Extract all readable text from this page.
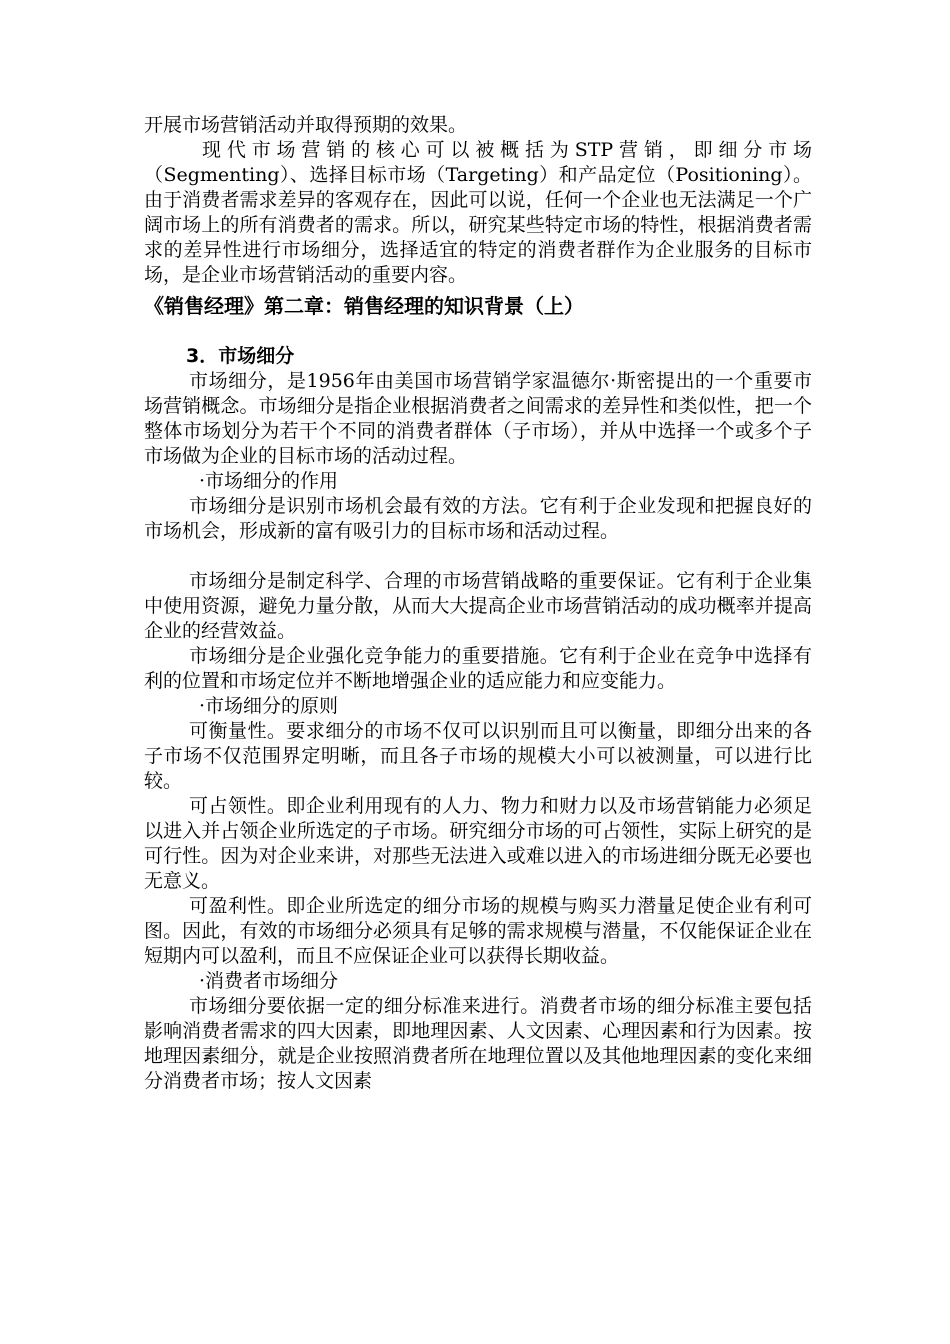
开展市场营销活动并取得预期的效果。

现代市场营销的核心可以被概括为STP营销，即细分市场（Segmenting）、选择目标市场（Targeting）和产品定位（Positioning）。由于消费者需求差异的客观存在，因此可以说，任何一个企业也无法满足一个广阔市场上的所有消费者的需求。所以，研究某些特定市场的特性，根据消费者需求的差异性进行市场细分，选择适宜的特定的消费者群作为企业服务的目标市场，是企业市场营销活动的重要内容。

《销售经理》第二章：销售经理的知识背景（上）

3．市场细分

市场细分，是1956年由美国市场营销学家温德尔·斯密提出的一个重要市场营销概念。市场细分是指企业根据消费者之间需求的差异性和类似性，把一个整体市场划分为若干个不同的消费者群体（子市场），并从中选择一个或多个子市场做为企业的目标市场的活动过程。

·市场细分的作用

市场细分是识别市场机会最有效的方法。它有利于企业发现和把握良好的市场机会，形成新的富有吸引力的目标市场和活动过程。

市场细分是制定科学、合理的市场营销战略的重要保证。它有利于企业集中使用资源，避免力量分散，从而大大提高企业市场营销活动的成功概率并提高企业的经营效益。

市场细分是企业强化竞争能力的重要措施。它有利于企业在竞争中选择有利的位置和市场定位并不断地增强企业的适应能力和应变能力。

·市场细分的原则

可衡量性。要求细分的市场不仅可以识别而且可以衡量，即细分出来的各子市场不仅范围界定明晰，而且各子市场的规模大小可以被测量，可以进行比较。

可占领性。即企业利用现有的人力、物力和财力以及市场营销能力必须足以进入并占领企业所选定的子市场。研究细分市场的可占领性，实际上研究的是可行性。因为对企业来讲，对那些无法进入或难以进入的市场进细分既无必要也无意义。

可盈利性。即企业所选定的细分市场的规模与购买力潜量足使企业有利可图。因此，有效的市场细分必须具有足够的需求规模与潜量，不仅能保证企业在短期内可以盈利，而且不应保证企业可以获得长期收益。

·消费者市场细分

市场细分要依据一定的细分标准来进行。消费者市场的细分标准主要包括影响消费者需求的四大因素，即地理因素、人文因素、心理因素和行为因素。按地理因素细分，就是企业按照消费者所在地理位置以及其他地理因素的变化来细分消费者市场；按人文因素
